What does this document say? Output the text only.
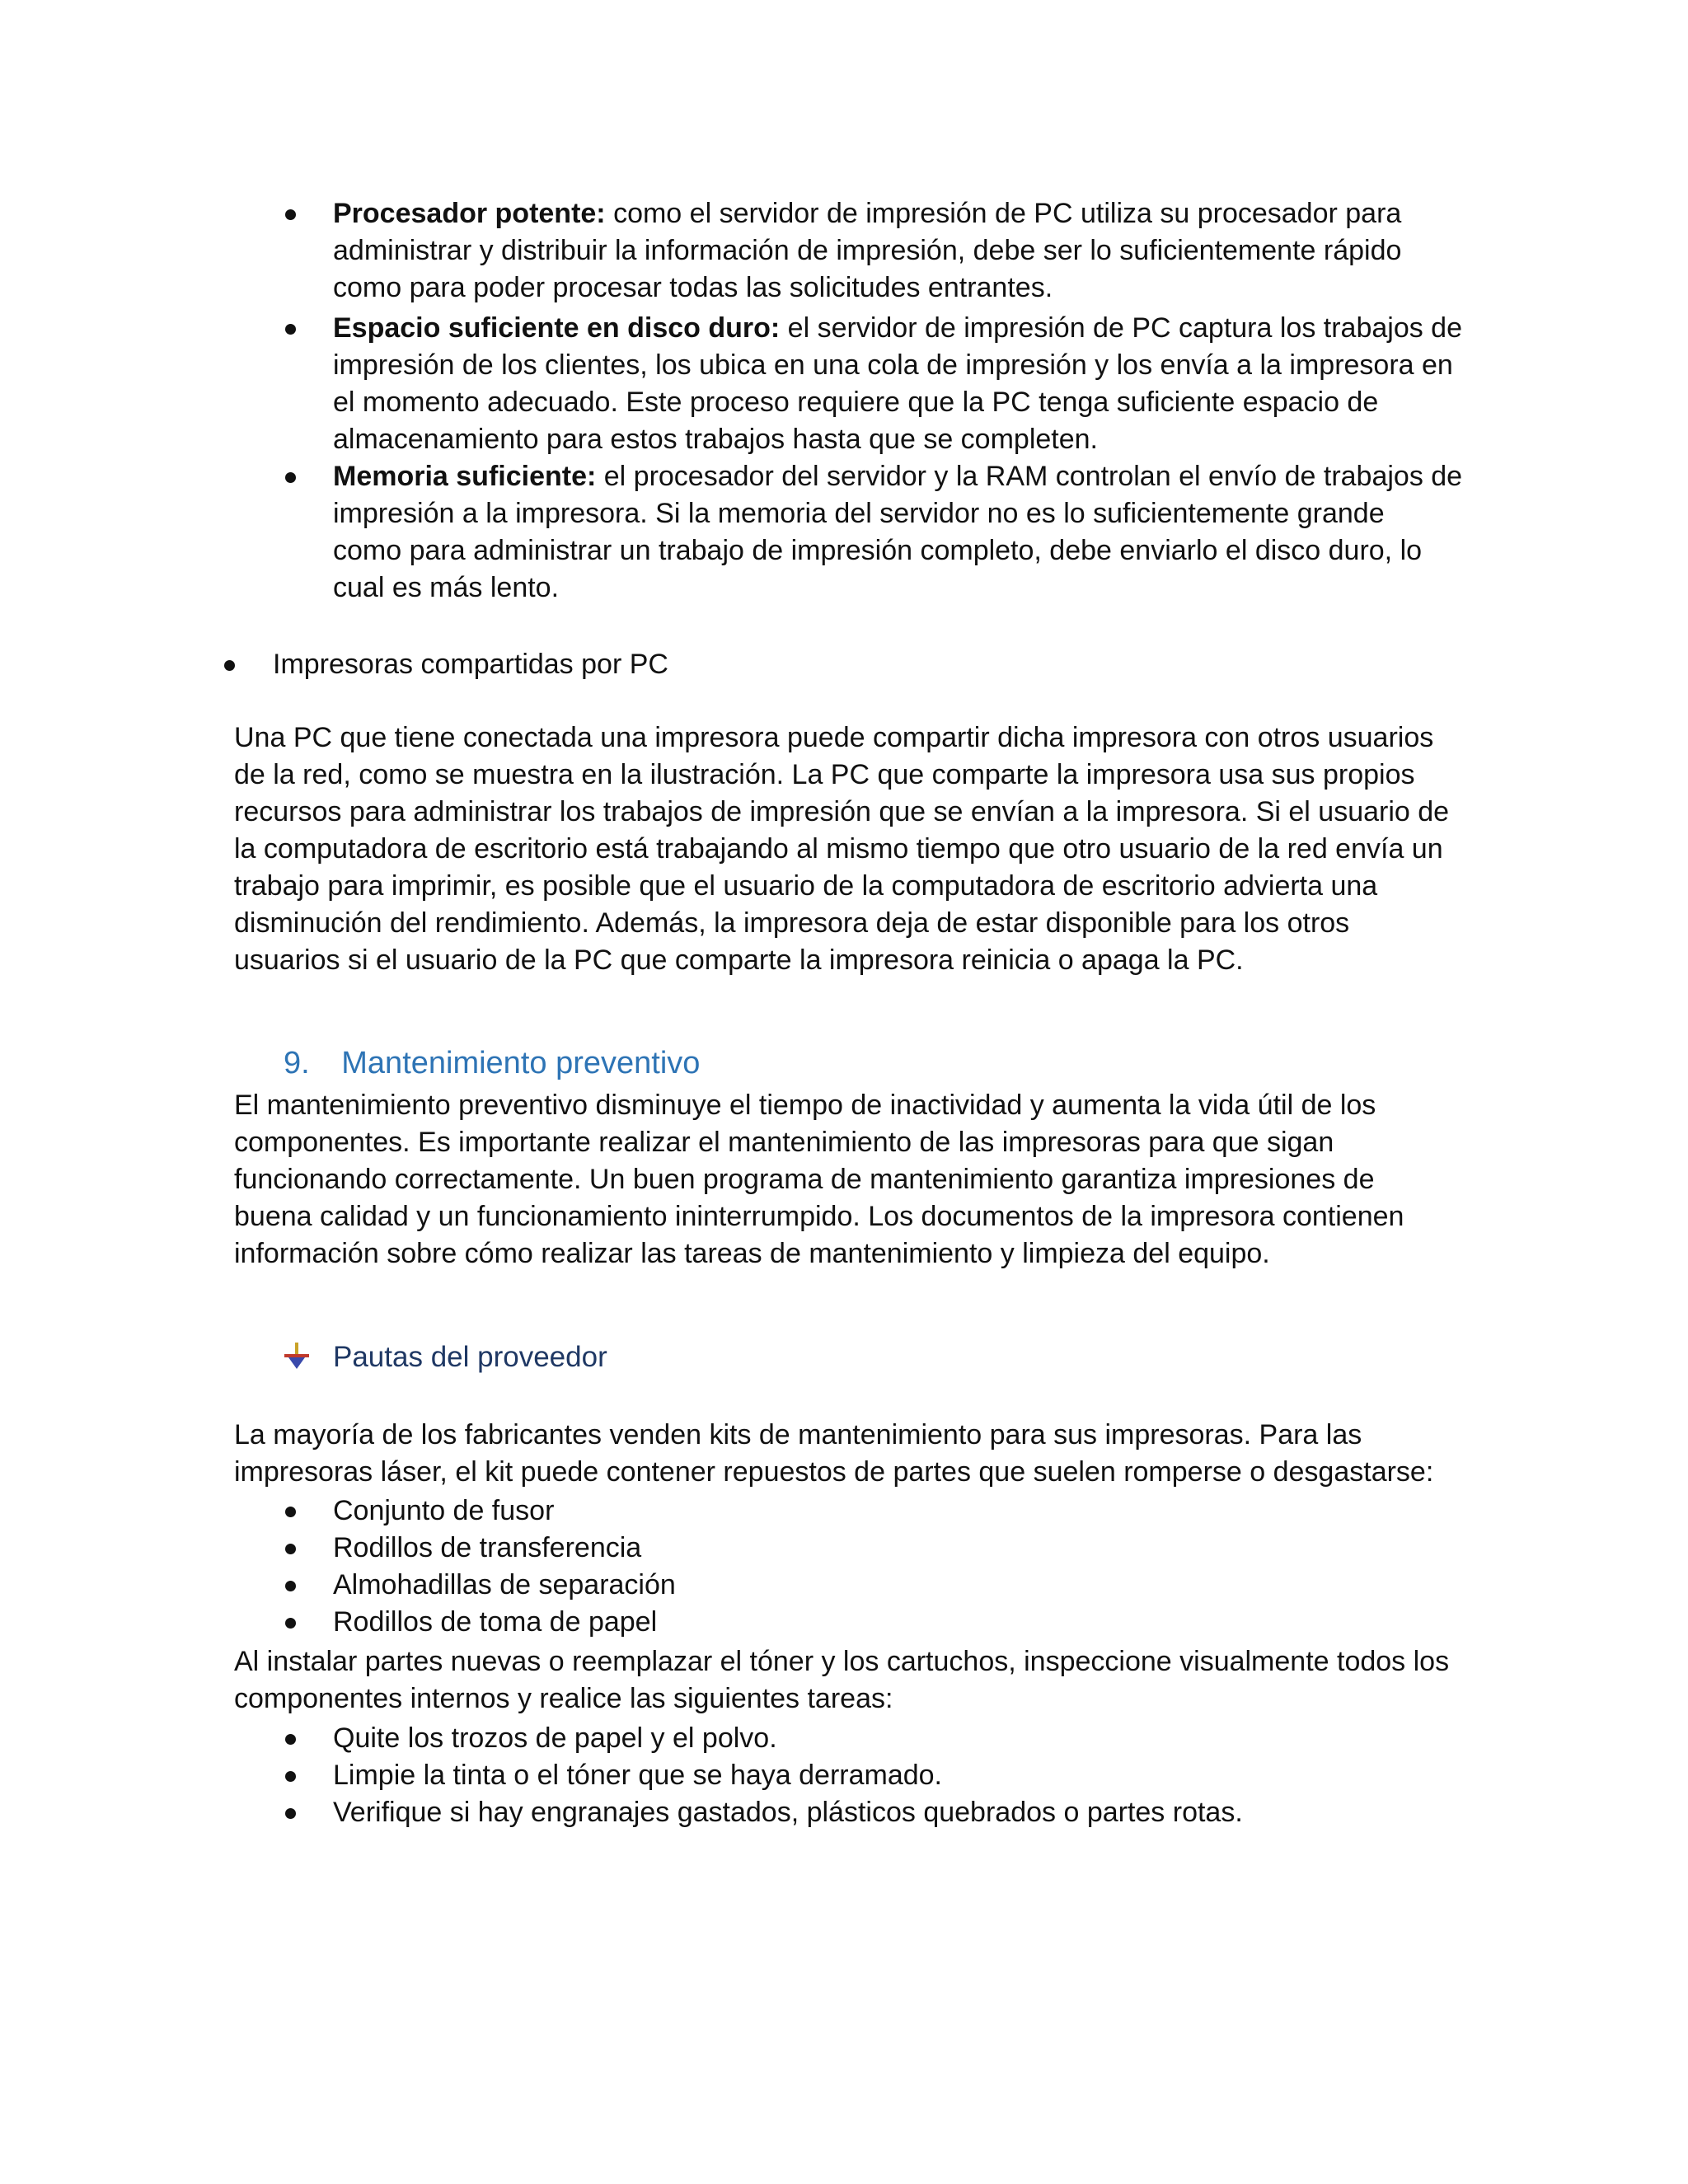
Procesador potente: como el servidor de impresión de PC utiliza su procesador para
administrar y distribuir la información de impresión, debe ser lo suficientemente rápido
como para poder procesar todas las solicitudes entrantes.
Espacio suficiente en disco duro: el servidor de impresión de PC captura los trabajos de
impresión de los clientes, los ubica en una cola de impresión y los envía a la impresora en
el momento adecuado. Este proceso requiere que la PC tenga suficiente espacio de
almacenamiento para estos trabajos hasta que se completen.
Memoria suficiente: el procesador del servidor y la RAM controlan el envío de trabajos de
impresión a la impresora. Si la memoria del servidor no es lo suficientemente grande
como para administrar un trabajo de impresión completo, debe enviarlo el disco duro, lo
cual es más lento.
Impresoras compartidas por PC
Una PC que tiene conectada una impresora puede compartir dicha impresora con otros usuarios
de la red, como se muestra en la ilustración. La PC que comparte la impresora usa sus propios
recursos para administrar los trabajos de impresión que se envían a la impresora. Si el usuario de
la computadora de escritorio está trabajando al mismo tiempo que otro usuario de la red envía un
trabajo para imprimir, es posible que el usuario de la computadora de escritorio advierta una
disminución del rendimiento. Además, la impresora deja de estar disponible para los otros
usuarios si el usuario de la PC que comparte la impresora reinicia o apaga la PC.
9. Mantenimiento preventivo
El mantenimiento preventivo disminuye el tiempo de inactividad y aumenta la vida útil de los
componentes. Es importante realizar el mantenimiento de las impresoras para que sigan
funcionando correctamente. Un buen programa de mantenimiento garantiza impresiones de
buena calidad y un funcionamiento ininterrumpido. Los documentos de la impresora contienen
información sobre cómo realizar las tareas de mantenimiento y limpieza del equipo.
Pautas del proveedor
La mayoría de los fabricantes venden kits de mantenimiento para sus impresoras. Para las
impresoras láser, el kit puede contener repuestos de partes que suelen romperse o desgastarse:
Conjunto de fusor
Rodillos de transferencia
Almohadillas de separación
Rodillos de toma de papel
Al instalar partes nuevas o reemplazar el tóner y los cartuchos, inspeccione visualmente todos los
componentes internos y realice las siguientes tareas:
Quite los trozos de papel y el polvo.
Limpie la tinta o el tóner que se haya derramado.
Verifique si hay engranajes gastados, plásticos quebrados o partes rotas.
